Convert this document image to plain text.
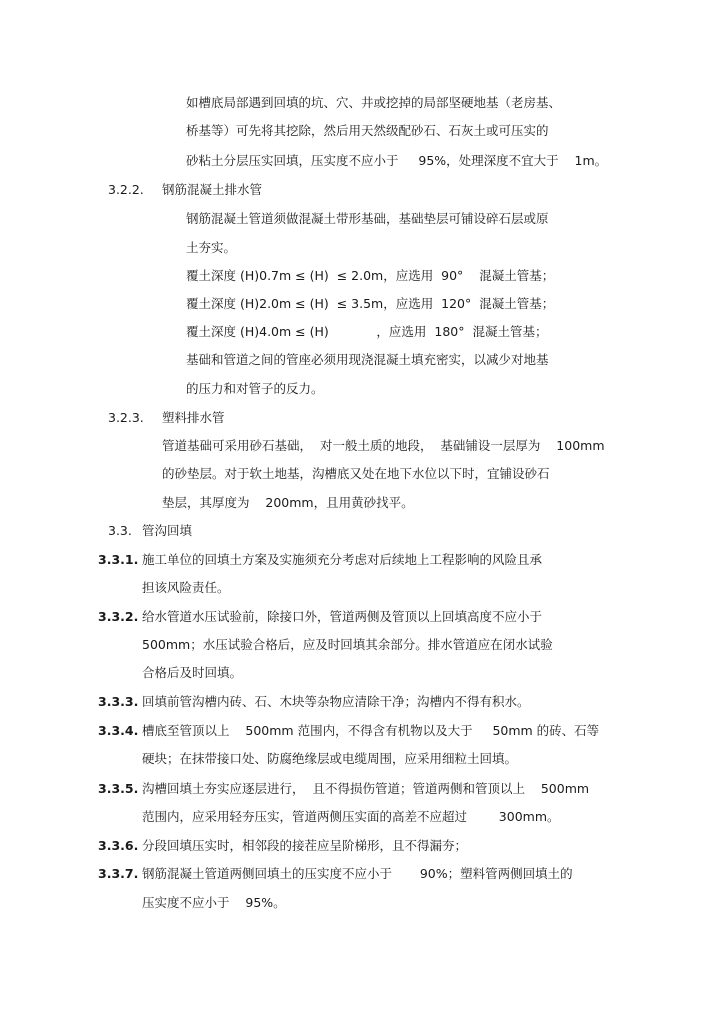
如槽底局部遇到回填的坑、穴、井或挖掉的局部坚硬地基（老房基、
桥基等）可先将其挖除，然后用天然级配砂石、石灰土或可压实的
砂粘土分层压实回填，压实度不应小于     95%，处理深度不宜大于    1m。
3.2.2. 钢筋混凝土排水管
钢筋混凝土管道须做混凝土带形基础，基础垫层可铺设碎石层或原
土夯实。
覆土深度 (H)0.7m ≤ (H)  ≤ 2.0m，应选用  90°    混凝土管基；
覆土深度 (H)2.0m ≤ (H)  ≤ 3.5m，应选用  120°  混凝土管基；
覆土深度 (H)4.0m ≤ (H)            ，应选用  180°  混凝土管基；
基础和管道之间的管座必须用现浇混凝土填充密实，以减少对地基
的压力和对管子的反力。
3.2.3. 塑料排水管
管道基础可采用砂石基础，  对一般土质的地段，  基础铺设一层厚为    100mm
的砂垫层。对于软土地基，沟槽底又处在地下水位以下时，宜铺设砂石
垫层，其厚度为    200mm，且用黄砂找平。
3.3. 管沟回填
3.3.1. 施工单位的回填土方案及实施须充分考虑对后续地上工程影响的风险且承
担该风险责任。
3.3.2. 给水管道水压试验前，除接口外，管道两侧及管顶以上回填高度不应小于
500mm；水压试验合格后，应及时回填其余部分。排水管道应在闭水试验
合格后及时回填。
3.3.3. 回填前管沟槽内砖、石、木块等杂物应清除干净；沟槽内不得有积水。
3.3.4. 槽底至管顶以上    500mm 范围内，不得含有机物以及大于     50mm 的砖、石等
硬块；在抹带接口处、防腐绝缘层或电缆周围，应采用细粒土回填。
3.3.5. 沟槽回填土夯实应逐层进行，  且不得损伤管道；管道两侧和管顶以上    500mm
范围内，应采用轻夯压实，管道两侧压实面的高差不应超过        300mm。
3.3.6. 分段回填压实时，相邻段的接茬应呈阶梯形，且不得漏夯；
3.3.7. 钢筋混凝土管道两侧回填土的压实度不应小于       90%；塑料管两侧回填土的
压实度不应小于    95%。
